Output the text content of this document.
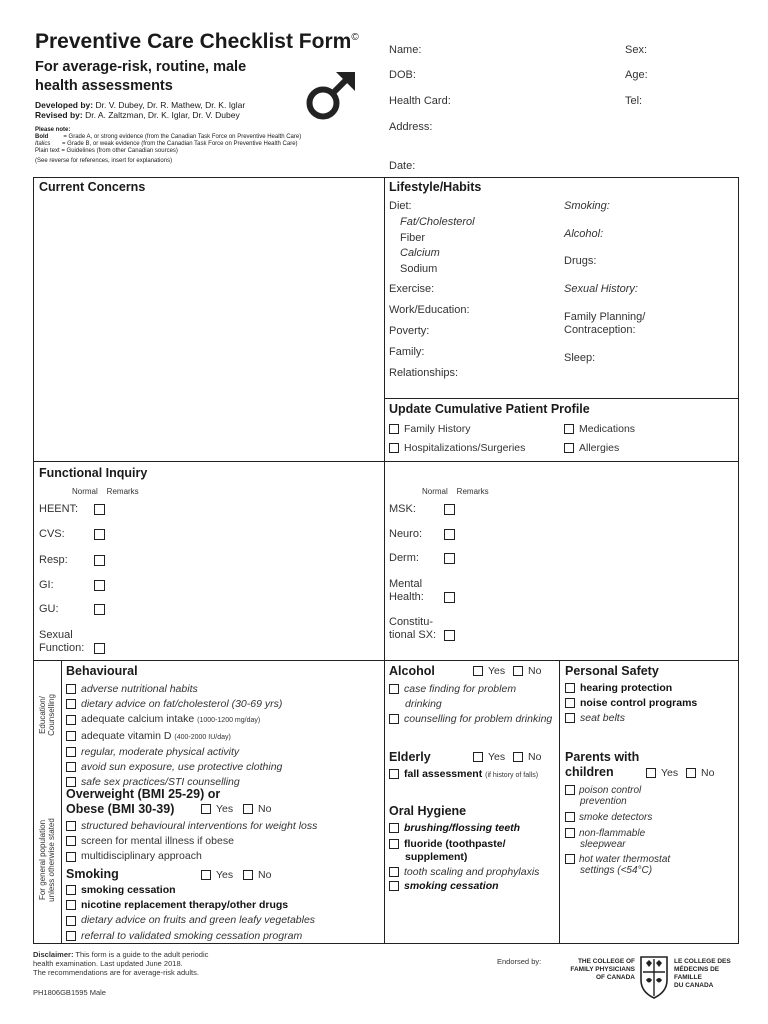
Preventive Care Checklist Form©
For average-risk, routine, male health assessments
Developed by: Dr. V. Dubey, Dr. R. Mathew, Dr. K. Iglar
Revised by: Dr. A. Zaltzman, Dr. K. Iglar, Dr. V. Dubey
Please note:
Bold	= Grade A, or strong evidence (from the Canadian Task Force on Preventive Health Care)
Italics = Grade B, or weak evidence (from the Canadian Task Force on Preventive Health Care)
Plain text = Guidelines (from other Canadian sources)
(See reverse for references, insert for explanations)
Name:	Sex:
DOB:	Age:
Health Card:	Tel:
Address:
Date:
Current Concerns	Lifestyle/Habits
Diet:
Fat/Cholesterol
Fiber
Calcium
Sodium
Exercise:
Work/Education:
Poverty:
Family:
Relationships:
Smoking:
Alcohol:
Drugs:
Sexual History:
Family Planning/
Contraception:
Sleep:
Update Cumulative Patient Profile
Family History	Medications
Hospitalizations/Surgeries	Allergies
Functional Inquiry
Normal Remarks	Normal Remarks
HEENT:
CVS:
Resp:
GI:
GU:
Sexual
Function:
MSK:
Neuro:
Derm:
Mental
Health:
Constitu-
tional SX:
Education/ Counselling
For general population unless otherwise stated
Behavioural
adverse nutritional habits
dietary advice on fat/cholesterol (30-69 yrs)
adequate calcium intake (1000-1200 mg/day)
adequate vitamin D (400-2000 IU/day)
regular, moderate physical activity
avoid sun exposure, use protective clothing
safe sex practices/STI counselling
Overweight (BMI 25-29) or
Obese (BMI 30-39)	Yes	No
structured behavioural interventions for weight loss
screen for mental illness if obese
multidisciplinary approach
Smoking	Yes	No
smoking cessation
nicotine replacement therapy/other drugs
dietary advice on fruits and green leafy vegetables
referral to validated smoking cessation program
Alcohol	Yes	No
case finding for problem
drinking
counselling for problem drinking
Elderly	Yes	No
fall assessment (if history of falls)
Oral Hygiene
brushing/flossing teeth
fluoride (toothpaste/
supplement)
tooth scaling and prophylaxis
smoking cessation
Personal Safety
hearing protection
noise control programs
seat belts
Parents with
children	Yes	No
poison control
prevention
smoke detectors
non-flammable
sleepwear
hot water thermostat
settings (<54°C)
Disclaimer: This form is a guide to the adult periodic
health examination. Last updated June 2018.
The recommendations are for average-risk adults.
PH1806GB1595 Male
Endorsed by:	THE COLLEGE OF
FAMILY PHYSICIANS
OF CANADA
LE COLLEGE DES
MÉDECINS DE FAMILLE
DU CANADA
